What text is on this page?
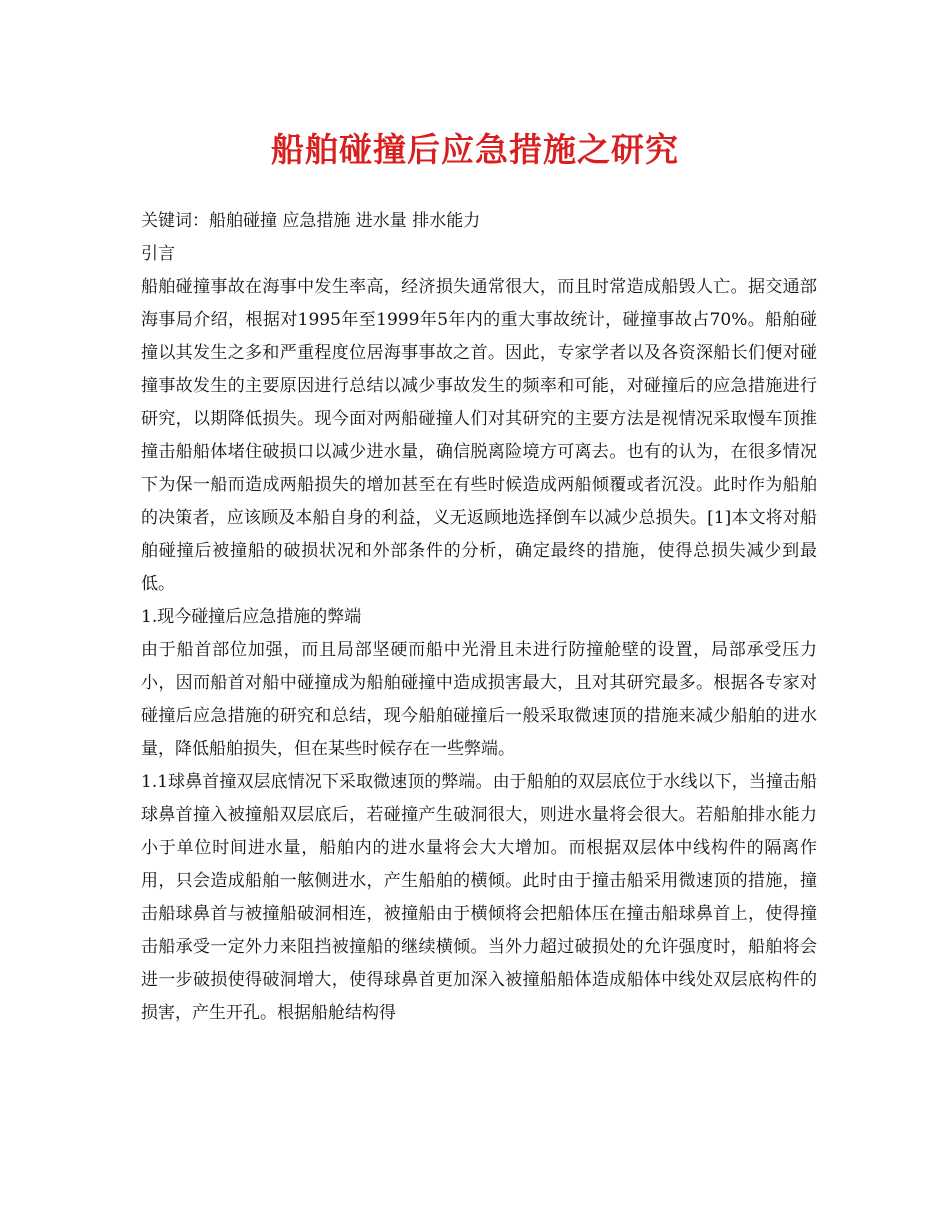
船舶碰撞后应急措施之研究

关键词：船舶碰撞 应急措施 进水量 排水能力

引言

船舶碰撞事故在海事中发生率高，经济损失通常很大，而且时常造成船毁人亡。据交通部海事局介绍，根据对1995年至1999年5年内的重大事故统计，碰撞事故占70%。船舶碰撞以其发生之多和严重程度位居海事事故之首。因此，专家学者以及各资深船长们便对碰撞事故发生的主要原因进行总结以减少事故发生的频率和可能，对碰撞后的应急措施进行研究，以期降低损失。现今面对两船碰撞人们对其研究的主要方法是视情况采取慢车顶推撞击船船体堵住破损口以减少进水量，确信脱离险境方可离去。也有的认为，在很多情况下为保一船而造成两船损失的增加甚至在有些时候造成两船倾覆或者沉没。此时作为船舶的决策者，应该顾及本船自身的利益，义无返顾地选择倒车以减少总损失。[1]本文将对船舶碰撞后被撞船的破损状况和外部条件的分析，确定最终的措施，使得总损失减少到最低。

1.现今碰撞后应急措施的弊端

由于船首部位加强，而且局部坚硬而船中光滑且未进行防撞舱壁的设置，局部承受压力小，因而船首对船中碰撞成为船舶碰撞中造成损害最大，且对其研究最多。根据各专家对碰撞后应急措施的研究和总结，现今船舶碰撞后一般采取微速顶的措施来减少船舶的进水量，降低船舶损失，但在某些时候存在一些弊端。

1.1球鼻首撞双层底情况下采取微速顶的弊端。由于船舶的双层底位于水线以下，当撞击船球鼻首撞入被撞船双层底后，若碰撞产生破洞很大，则进水量将会很大。若船舶排水能力小于单位时间进水量，船舶内的进水量将会大大增加。而根据双层体中线构件的隔离作用，只会造成船舶一舷侧进水，产生船舶的横倾。此时由于撞击船采用微速顶的措施，撞击船球鼻首与被撞船破洞相连，被撞船由于横倾将会把船体压在撞击船球鼻首上，使得撞击船承受一定外力来阻挡被撞船的继续横倾。当外力超过破损处的允许强度时，船舶将会进一步破损使得破洞增大，使得球鼻首更加深入被撞船船体造成船体中线处双层底构件的损害，产生开孔。根据船舱结构得
